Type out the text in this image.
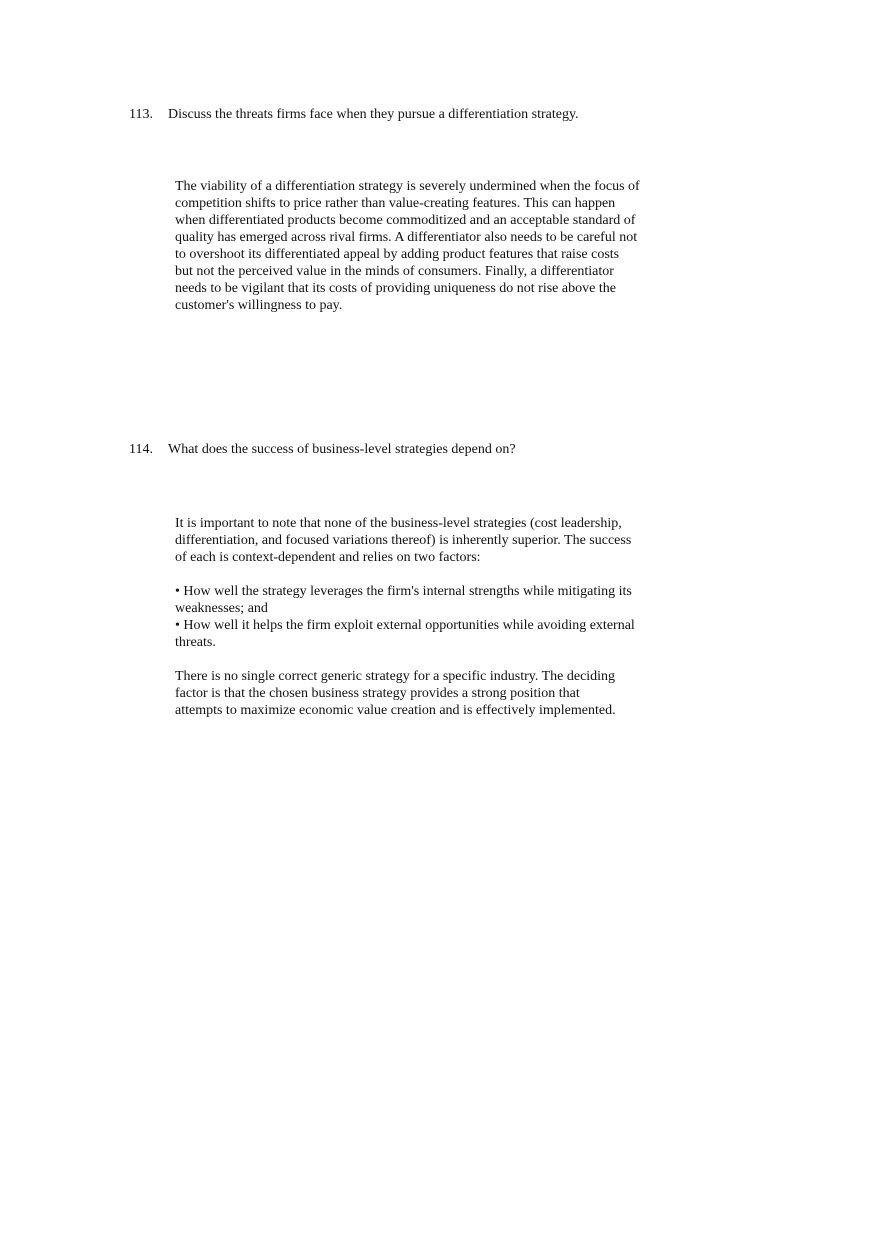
113. Discuss the threats firms face when they pursue a differentiation strategy.
The viability of a differentiation strategy is severely undermined when the focus of
competition shifts to price rather than value-creating features. This can happen
when differentiated products become commoditized and an acceptable standard of
quality has emerged across rival firms. A differentiator also needs to be careful not
to overshoot its differentiated appeal by adding product features that raise costs
but not the perceived value in the minds of consumers. Finally, a differentiator
needs to be vigilant that its costs of providing uniqueness do not rise above the
customer's willingness to pay.
114. What does the success of business-level strategies depend on?
It is important to note that none of the business-level strategies (cost leadership,
differentiation, and focused variations thereof) is inherently superior. The success
of each is context-dependent and relies on two factors:
• How well the strategy leverages the firm's internal strengths while mitigating its
weaknesses; and
• How well it helps the firm exploit external opportunities while avoiding external
threats.
There is no single correct generic strategy for a specific industry. The deciding
factor is that the chosen business strategy provides a strong position that
attempts to maximize economic value creation and is effectively implemented.
